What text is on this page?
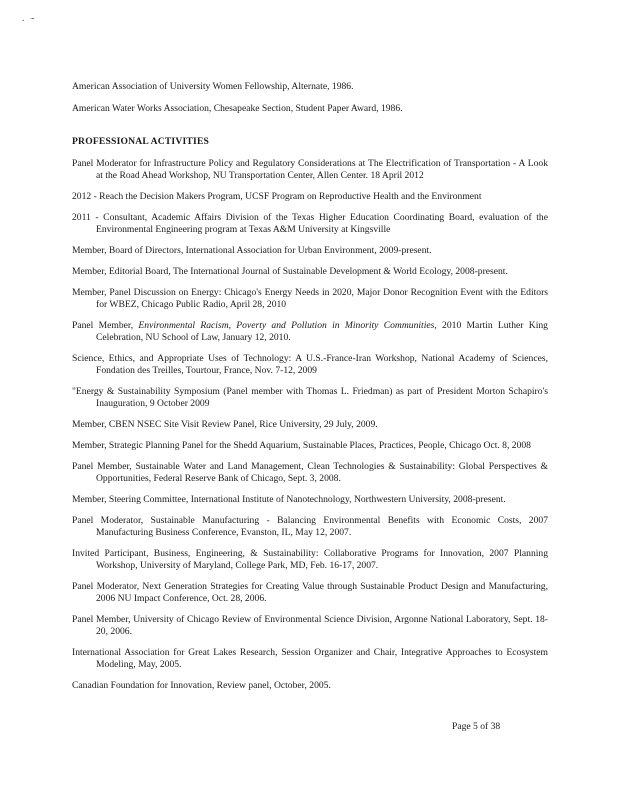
. -

American Association of University Women Fellowship, Alternate, 1986.

American Water Works Association, Chesapeake Section, Student Paper Award, 1986.

PROFESSIONAL ACTIVITIES

Panel Moderator for Infrastructure Policy and Regulatory Considerations at The Electrification of Transportation - A Look at the Road Ahead Workshop, NU Transportation Center, Allen Center. 18 April 2012

2012 - Reach the Decision Makers Program, UCSF Program on Reproductive Health and the Environment

2011 - Consultant, Academic Affairs Division of the Texas Higher Education Coordinating Board, evaluation of the Environmental Engineering program at Texas A&M University at Kingsville

Member, Board of Directors, International Association for Urban Environment, 2009-present.

Member, Editorial Board, The International Journal of Sustainable Development & World Ecology, 2008-present.

Member, Panel Discussion on Energy: Chicago's Energy Needs in 2020, Major Donor Recognition Event with the Editors for WBEZ, Chicago Public Radio, April 28, 2010

Panel Member, Environmental Racism, Poverty and Pollution in Minority Communities, 2010 Martin Luther King Celebration, NU School of Law, January 12, 2010.

Science, Ethics, and Appropriate Uses of Technology: A U.S.-France-Iran Workshop, National Academy of Sciences, Fondation des Treilles, Tourtour, France, Nov. 7-12, 2009

"Energy & Sustainability Symposium (Panel member with Thomas L. Friedman) as part of President Morton Schapiro's Inauguration, 9 October 2009

Member, CBEN NSEC Site Visit Review Panel, Rice University, 29 July, 2009.

Member, Strategic Planning Panel for the Shedd Aquarium, Sustainable Places, Practices, People, Chicago Oct. 8, 2008

Panel Member, Sustainable Water and Land Management, Clean Technologies & Sustainability: Global Perspectives & Opportunities, Federal Reserve Bank of Chicago, Sept. 3, 2008.

Member, Steering Committee, International Institute of Nanotechnology, Northwestern University, 2008-present.

Panel Moderator, Sustainable Manufacturing - Balancing Environmental Benefits with Economic Costs, 2007 Manufacturing Business Conference, Evanston, IL, May 12, 2007.

Invited Participant, Business, Engineering, & Sustainability: Collaborative Programs for Innovation, 2007 Planning Workshop, University of Maryland, College Park, MD, Feb. 16-17, 2007.

Panel Moderator, Next Generation Strategies for Creating Value through Sustainable Product Design and Manufacturing, 2006 NU Impact Conference, Oct. 28, 2006.

Panel Member, University of Chicago Review of Environmental Science Division, Argonne National Laboratory, Sept. 18-20, 2006.

International Association for Great Lakes Research, Session Organizer and Chair, Integrative Approaches to Ecosystem Modeling, May, 2005.

Canadian Foundation for Innovation, Review panel, October, 2005.

Page 5 of 38
